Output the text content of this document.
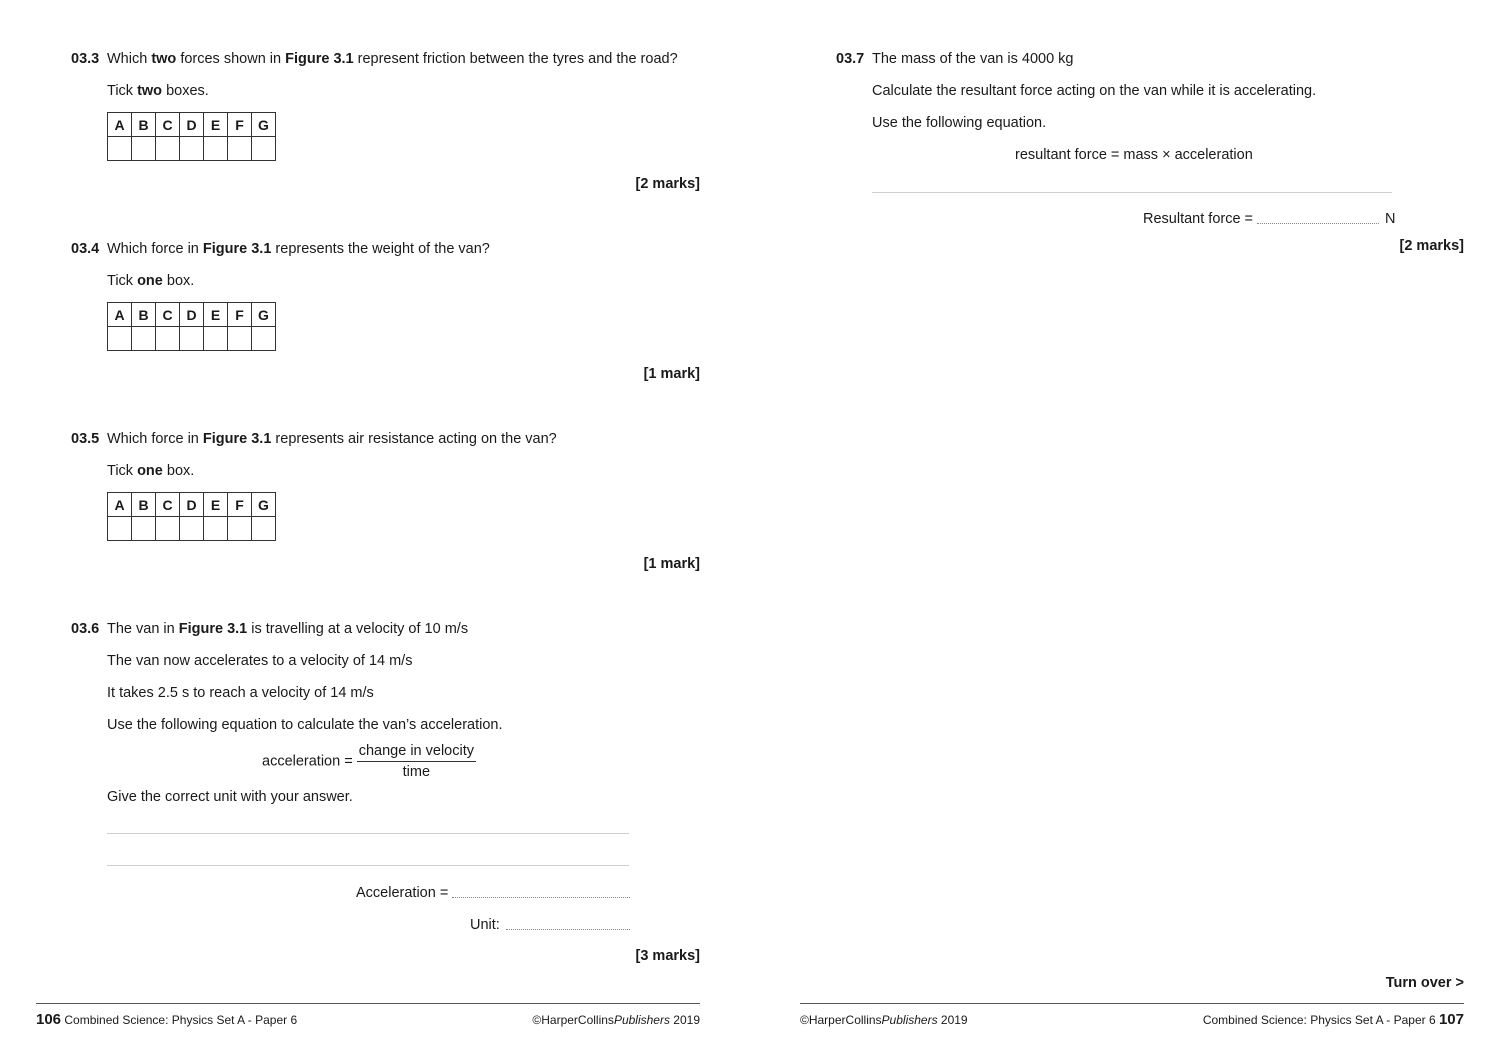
03.3 Which two forces shown in Figure 3.1 represent friction between the tyres and the road?
Tick two boxes.
A	B	C	D	E	F	G

[2 marks]
03.4 Which force in Figure 3.1 represents the weight of the van?
Tick one box.
A	B	C	D	E	F	G

[1 mark]
03.5 Which force in Figure 3.1 represents air resistance acting on the van?
Tick one box.
A	B	C	D	E	F	G

[1 mark]
03.6 The van in Figure 3.1 is travelling at a velocity of 10 m/s
The van now accelerates to a velocity of 14 m/s
It takes 2.5 s to reach a velocity of 14 m/s
Use the following equation to calculate the van’s acceleration.
acceleration = $\frac{\text{change in velocity}}{\text{time}}$
Give the correct unit with your answer.
Acceleration =
Unit:
[3 marks]
106 Combined Science: Physics Set A - Paper 6	©HarperCollinsPublishers 2019
03.7 The mass of the van is 4000 kg
Calculate the resultant force acting on the van while it is accelerating.
Use the following equation.
resultant force = mass × acceleration
Resultant force =	N
[2 marks]
Turn over >
©HarperCollinsPublishers 2019	Combined Science: Physics Set A - Paper 6 107
